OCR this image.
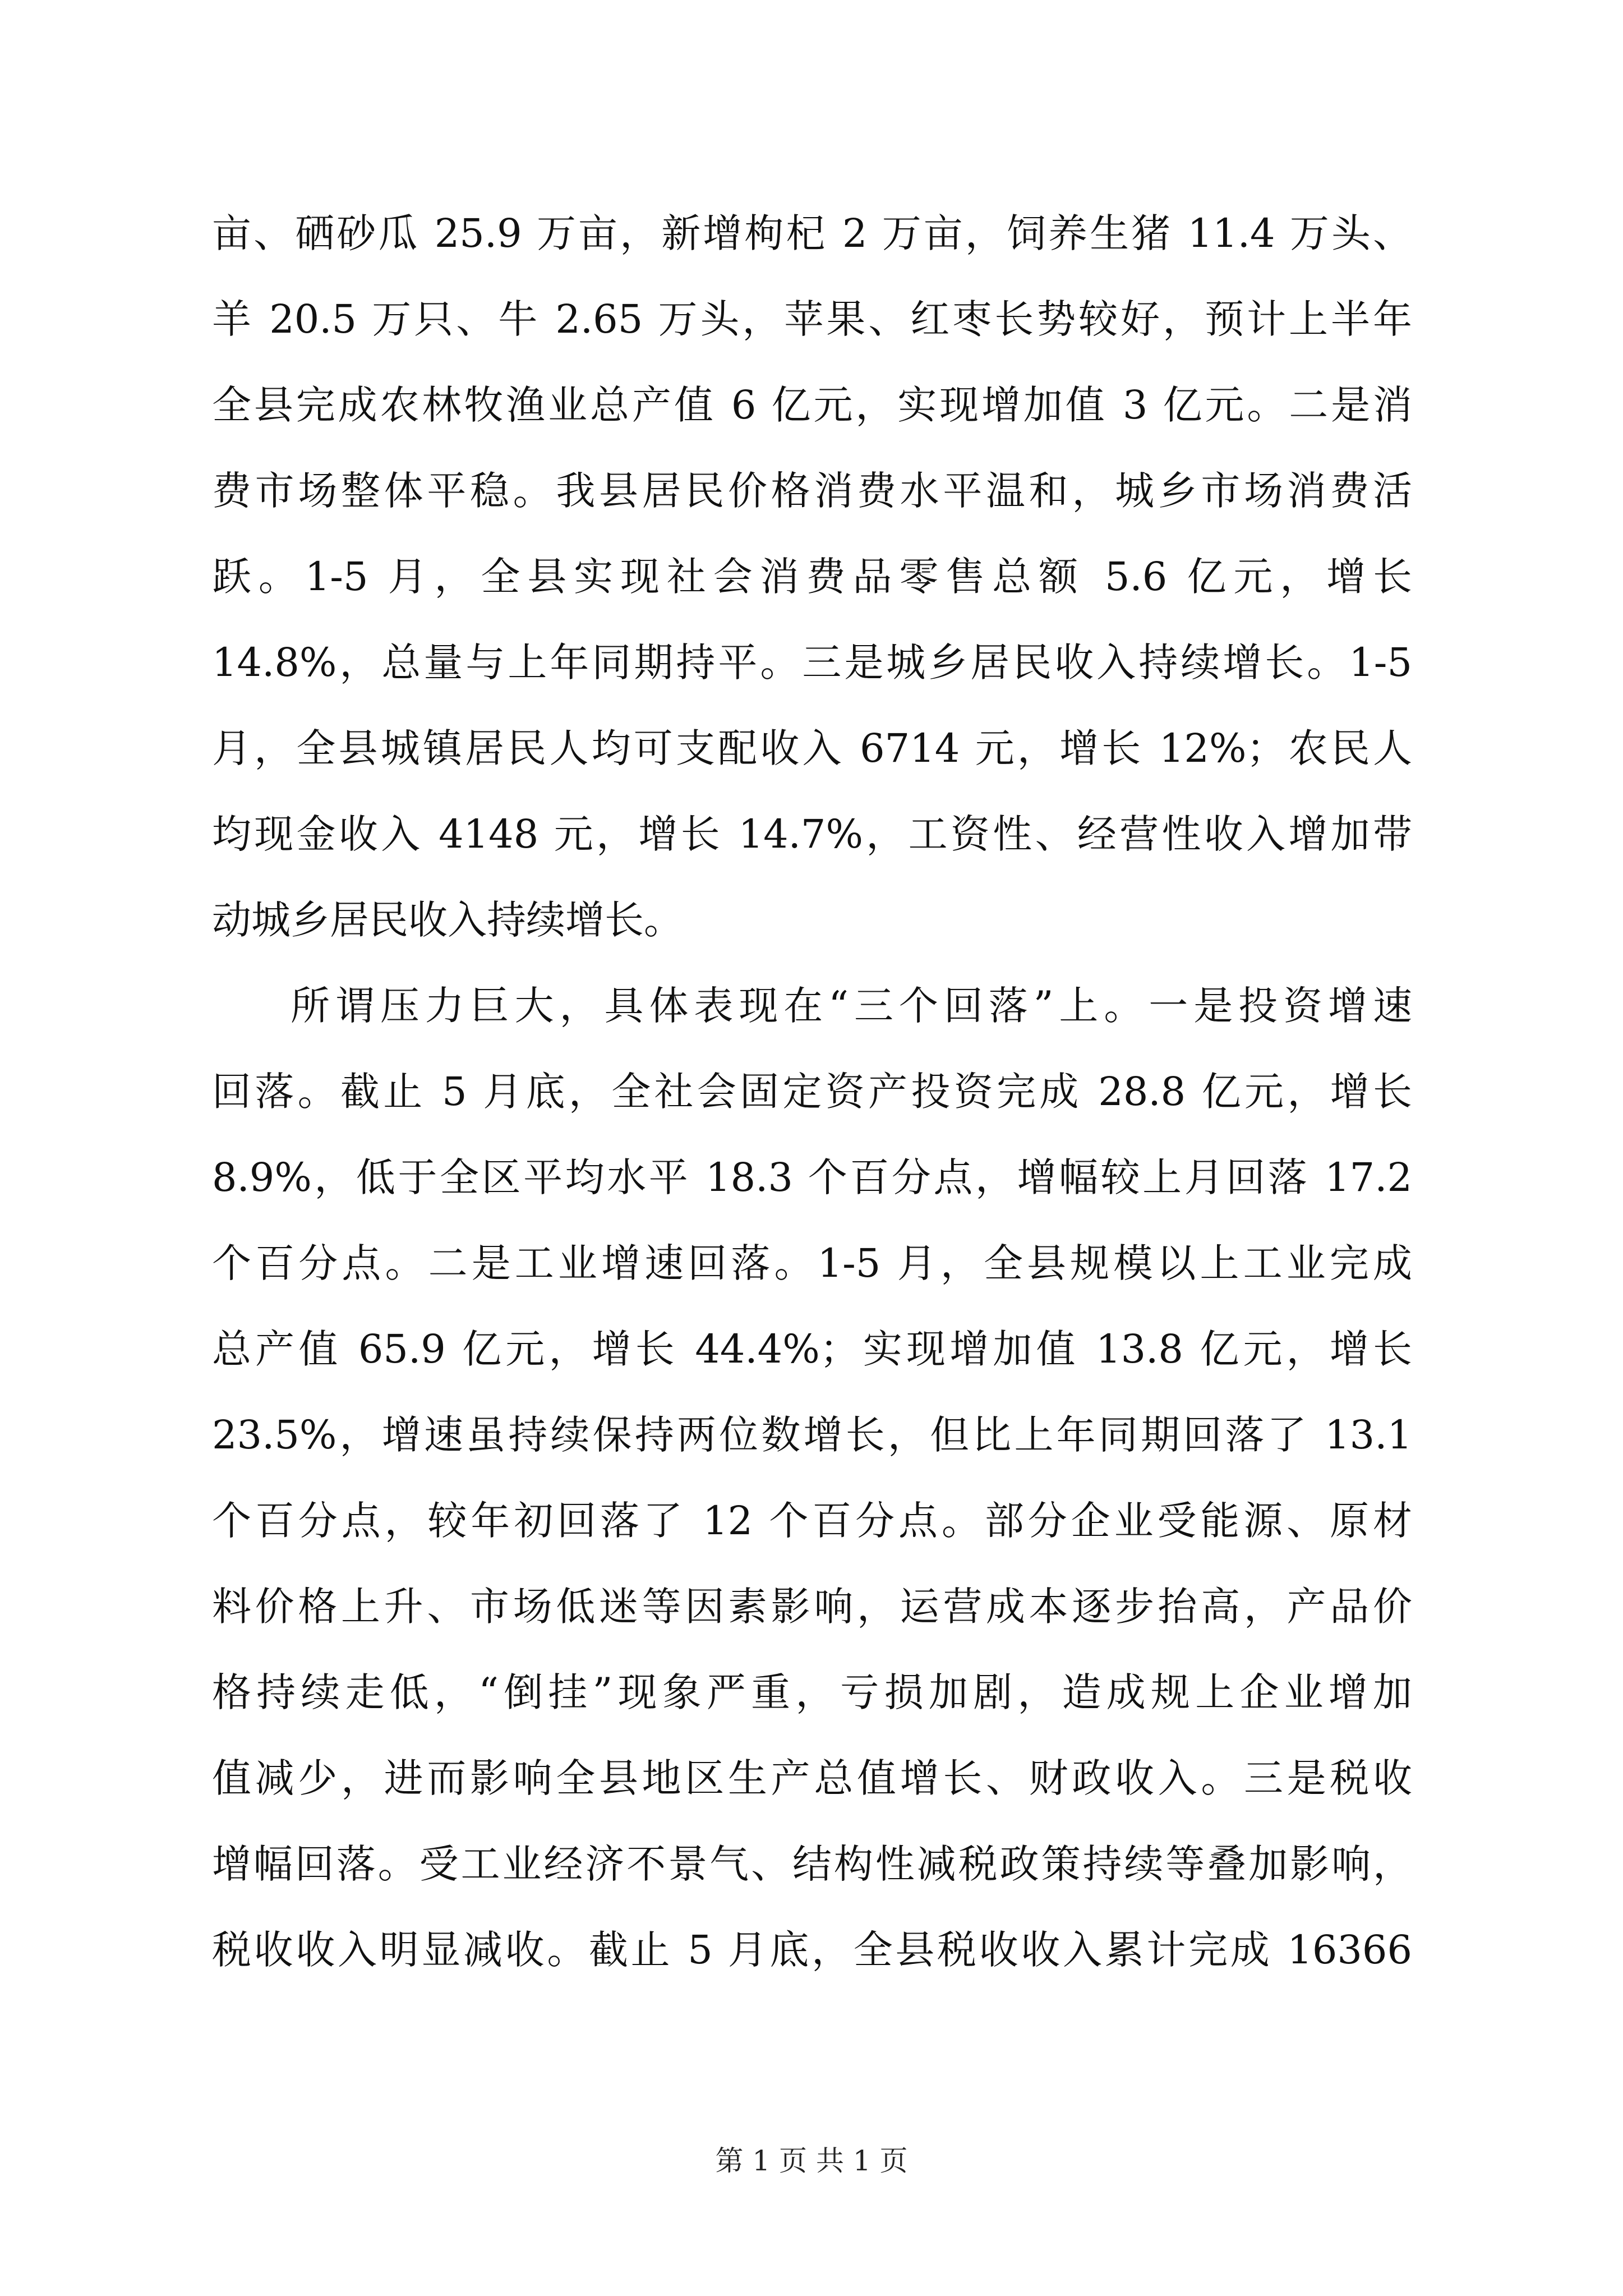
亩、硒砂瓜 25.9 万亩，新增枸杞 2 万亩，饲养生猪 11.4 万头、
羊 20.5 万只、牛 2.65 万头，苹果、红枣长势较好，预计上半年
全县完成农林牧渔业总产值 6 亿元，实现增加值 3 亿元。二是消
费市场整体平稳。我县居民价格消费水平温和，城乡市场消费活
跃。1-5 月，全县实现社会消费品零售总额 5.6 亿元，增长
14.8%，总量与上年同期持平。三是城乡居民收入持续增长。1-5
月，全县城镇居民人均可支配收入 6714 元，增长 12%；农民人
均现金收入 4148 元，增长 14.7%，工资性、经营性收入增加带
动城乡居民收入持续增长。
所谓压力巨大，具体表现在“三个回落”上。一是投资增速
回落。截止 5 月底，全社会固定资产投资完成 28.8 亿元，增长
8.9%，低于全区平均水平 18.3 个百分点，增幅较上月回落 17.2
个百分点。二是工业增速回落。1-5 月，全县规模以上工业完成
总产值 65.9 亿元，增长 44.4%；实现增加值 13.8 亿元，增长
23.5%，增速虽持续保持两位数增长，但比上年同期回落了 13.1
个百分点，较年初回落了 12 个百分点。部分企业受能源、原材
料价格上升、市场低迷等因素影响，运营成本逐步抬高，产品价
格持续走低，“倒挂”现象严重，亏损加剧，造成规上企业增加
值减少，进而影响全县地区生产总值增长、财政收入。三是税收
增幅回落。受工业经济不景气、结构性减税政策持续等叠加影响，
税收收入明显减收。截止 5 月底，全县税收收入累计完成 16366
第 1 页 共 1 页
